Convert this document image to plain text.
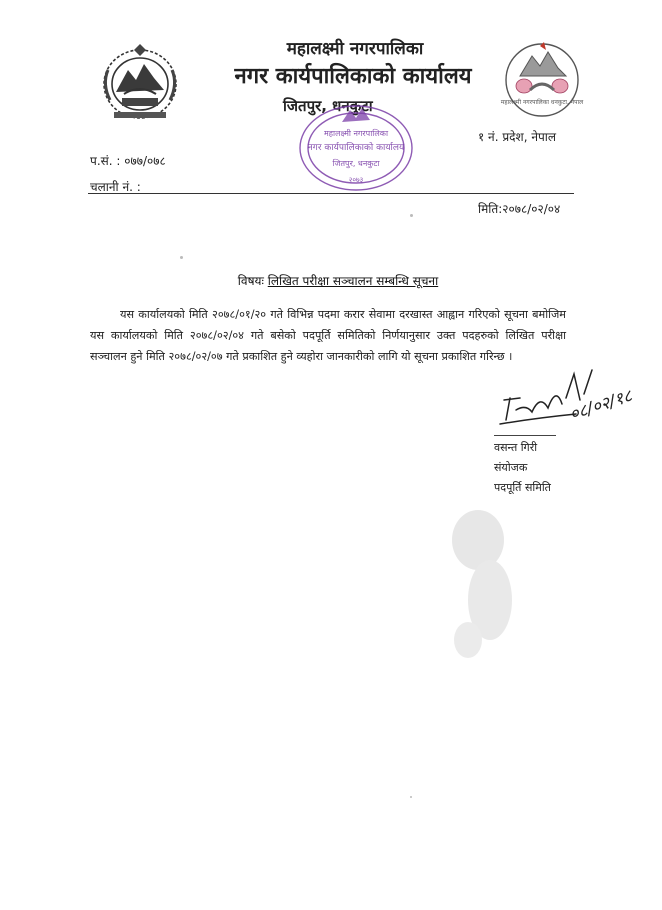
महालक्ष्मी नगरपालिका
नगर कार्यपालिकाको कार्यालय
जितपुर, धनकुटा	महालक्ष्मी नगरपालिका धनकुटा, नेपाल
१ नं. प्रदेश, नेपाल
प.सं. : ०७७/०७८
चलानी नं. :
महालक्ष्मी नगरपालिका
नगर कार्यपालिकाको कार्यालय
जितपुर, धनकुटा
२०७३
मिति:२०७८/०२/०४
विषयः लिखित परीक्षा सञ्चालन सम्बन्धि सूचना
यस कार्यालयको मिति २०७८/०१/२० गते विभिन्न पदमा करार सेवामा दरखास्त आह्वान गरिएको सूचना बमोजिम यस कार्यालयको मिति २०७८/०२/०४ गते बसेको पदपूर्ति समितिको निर्णयानुसार उक्त पदहरुको लिखित परीक्षा सञ्चालन हुने मिति २०७८/०२/०७ गते प्रकाशित हुने व्यहोरा जानकारीको लागि यो सूचना प्रकाशित गरिन्छ ।
०८/०२/१८
वसन्त गिरी
संयोजक
पदपूर्ति समिति
